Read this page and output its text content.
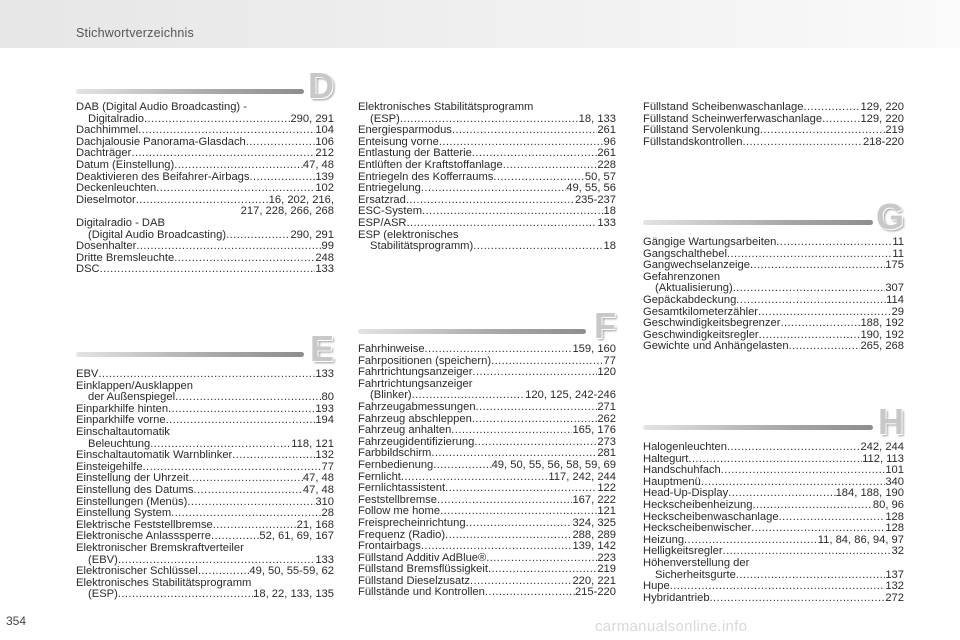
Stichwortverzeichnis
D
DAB (Digital Audio Broadcasting) -
Digitalradio .....	290, 291
Dachhimmel .....	104
Dachjalousie Panorama-Glasdach .....	106
Dachträger .....	212
Datum (Einstellung) .....	47, 48
Deaktivieren des Beifahrer-Airbags .....	139
Deckenleuchten .....	102
Dieselmotor .....	16, 202, 216,
217, 228, 266, 268
Digitalradio - DAB
(Digital Audio Broadcasting) .....	290, 291
Dosenhalter .....	99
Dritte Bremsleuchte .....	248
DSC .....	133
E
EBV .....	133
Einklappen/Ausklappen
der Außenspiegel .....	80
Einparkhilfe hinten .....	193
Einparkhilfe vorne .....	194
Einschaltautomatik
Beleuchtung .....	118, 121
Einschaltautomatik Warnblinker .....	132
Einsteigehilfe .....	77
Einstellung der Uhrzeit .....	47, 48
Einstellung des Datums .....	47, 48
Einstellungen (Menüs) .....	310
Einstellung System .....	28
Elektrische Feststellbremse .....	21, 168
Elektronische Anlasssperre .....	52, 61, 69, 167
Elektronischer Bremskraftverteiler
(EBV) .....	133
Elektronischer Schlüssel .....	49, 50, 55-59, 62
Elektronisches Stabilitätsprogramm
(ESP) .....	18, 22, 133, 135
Elektronisches Stabilitätsprogramm
(ESP) .....	18, 133
Energiesparmodus .....	261
Enteisung vorne .....	96
Entlastung der Batterie .....	261
Entlüften der Kraftstoffanlage .....	228
Entriegeln des Kofferraums .....	50, 57
Entriegelung .....	49, 55, 56
Ersatzrad .....	235-237
ESC-System .....	18
ESP/ASR .....	133
ESP (elektronisches
Stabilitätsprogramm) .....	18
F
Fahrhinweise .....	159, 160
Fahrpositionen (speichern) .....	77
Fahrtrichtungsanzeiger .....	120
Fahrtrichtungsanzeiger
(Blinker) .....	120, 125, 242-246
Fahrzeugabmessungen .....	271
Fahrzeug abschleppen .....	262
Fahrzeug anhalten .....	165, 176
Fahrzeugidentifizierung .....	273
Farbbildschirm .....	281
Fernbedienung .....	49, 50, 55, 56, 58, 59, 69
Fernlicht .....	117, 242, 244
Fernlichtassistent .....	122
Feststellbremse .....	167, 222
Follow me home .....	121
Freisprecheinrichtung .....	324, 325
Frequenz (Radio) .....	288, 289
Frontairbags .....	139, 142
Füllstand Additiv AdBlue® .....	223
Füllstand Bremsflüssigkeit .....	219
Füllstand Dieselzusatz .....	220, 221
Füllstände und Kontrollen .....	215-220
Füllstand Scheibenwaschanlage .....	129, 220
Füllstand Scheinwerferwaschanlage .....	129, 220
Füllstand Servolenkung .....	219
Füllstandskontrollen .....	218-220
G
Gängige Wartungsarbeiten .....	11
Gangschalthebel .....	11
Gangwechselanzeige .....	175
Gefahrenzonen
(Aktualisierung) .....	307
Gepäckabdeckung .....	114
Gesamtkilometerzähler .....	29
Geschwindigkeitsbegrenzer .....	188, 192
Geschwindigkeitsregler .....	190, 192
Gewichte und Anhängelasten .....	265, 268
H
Halogenleuchten .....	242, 244
Haltegurt .....	112, 113
Handschuhfach .....	101
Hauptmenü .....	340
Head-Up-Display .....	184, 188, 190
Heckscheibenheizung .....	80, 96
Heckscheibenwaschanlage .....	128
Heckscheibenwischer .....	128
Heizung .....	11, 84, 86, 94, 97
Helligkeitsregler .....	32
Höhenverstellung der
Sicherheitsgurte .....	137
Hupe .....	132
Hybridantrieb .....	272
354	carmanualsonline.info
